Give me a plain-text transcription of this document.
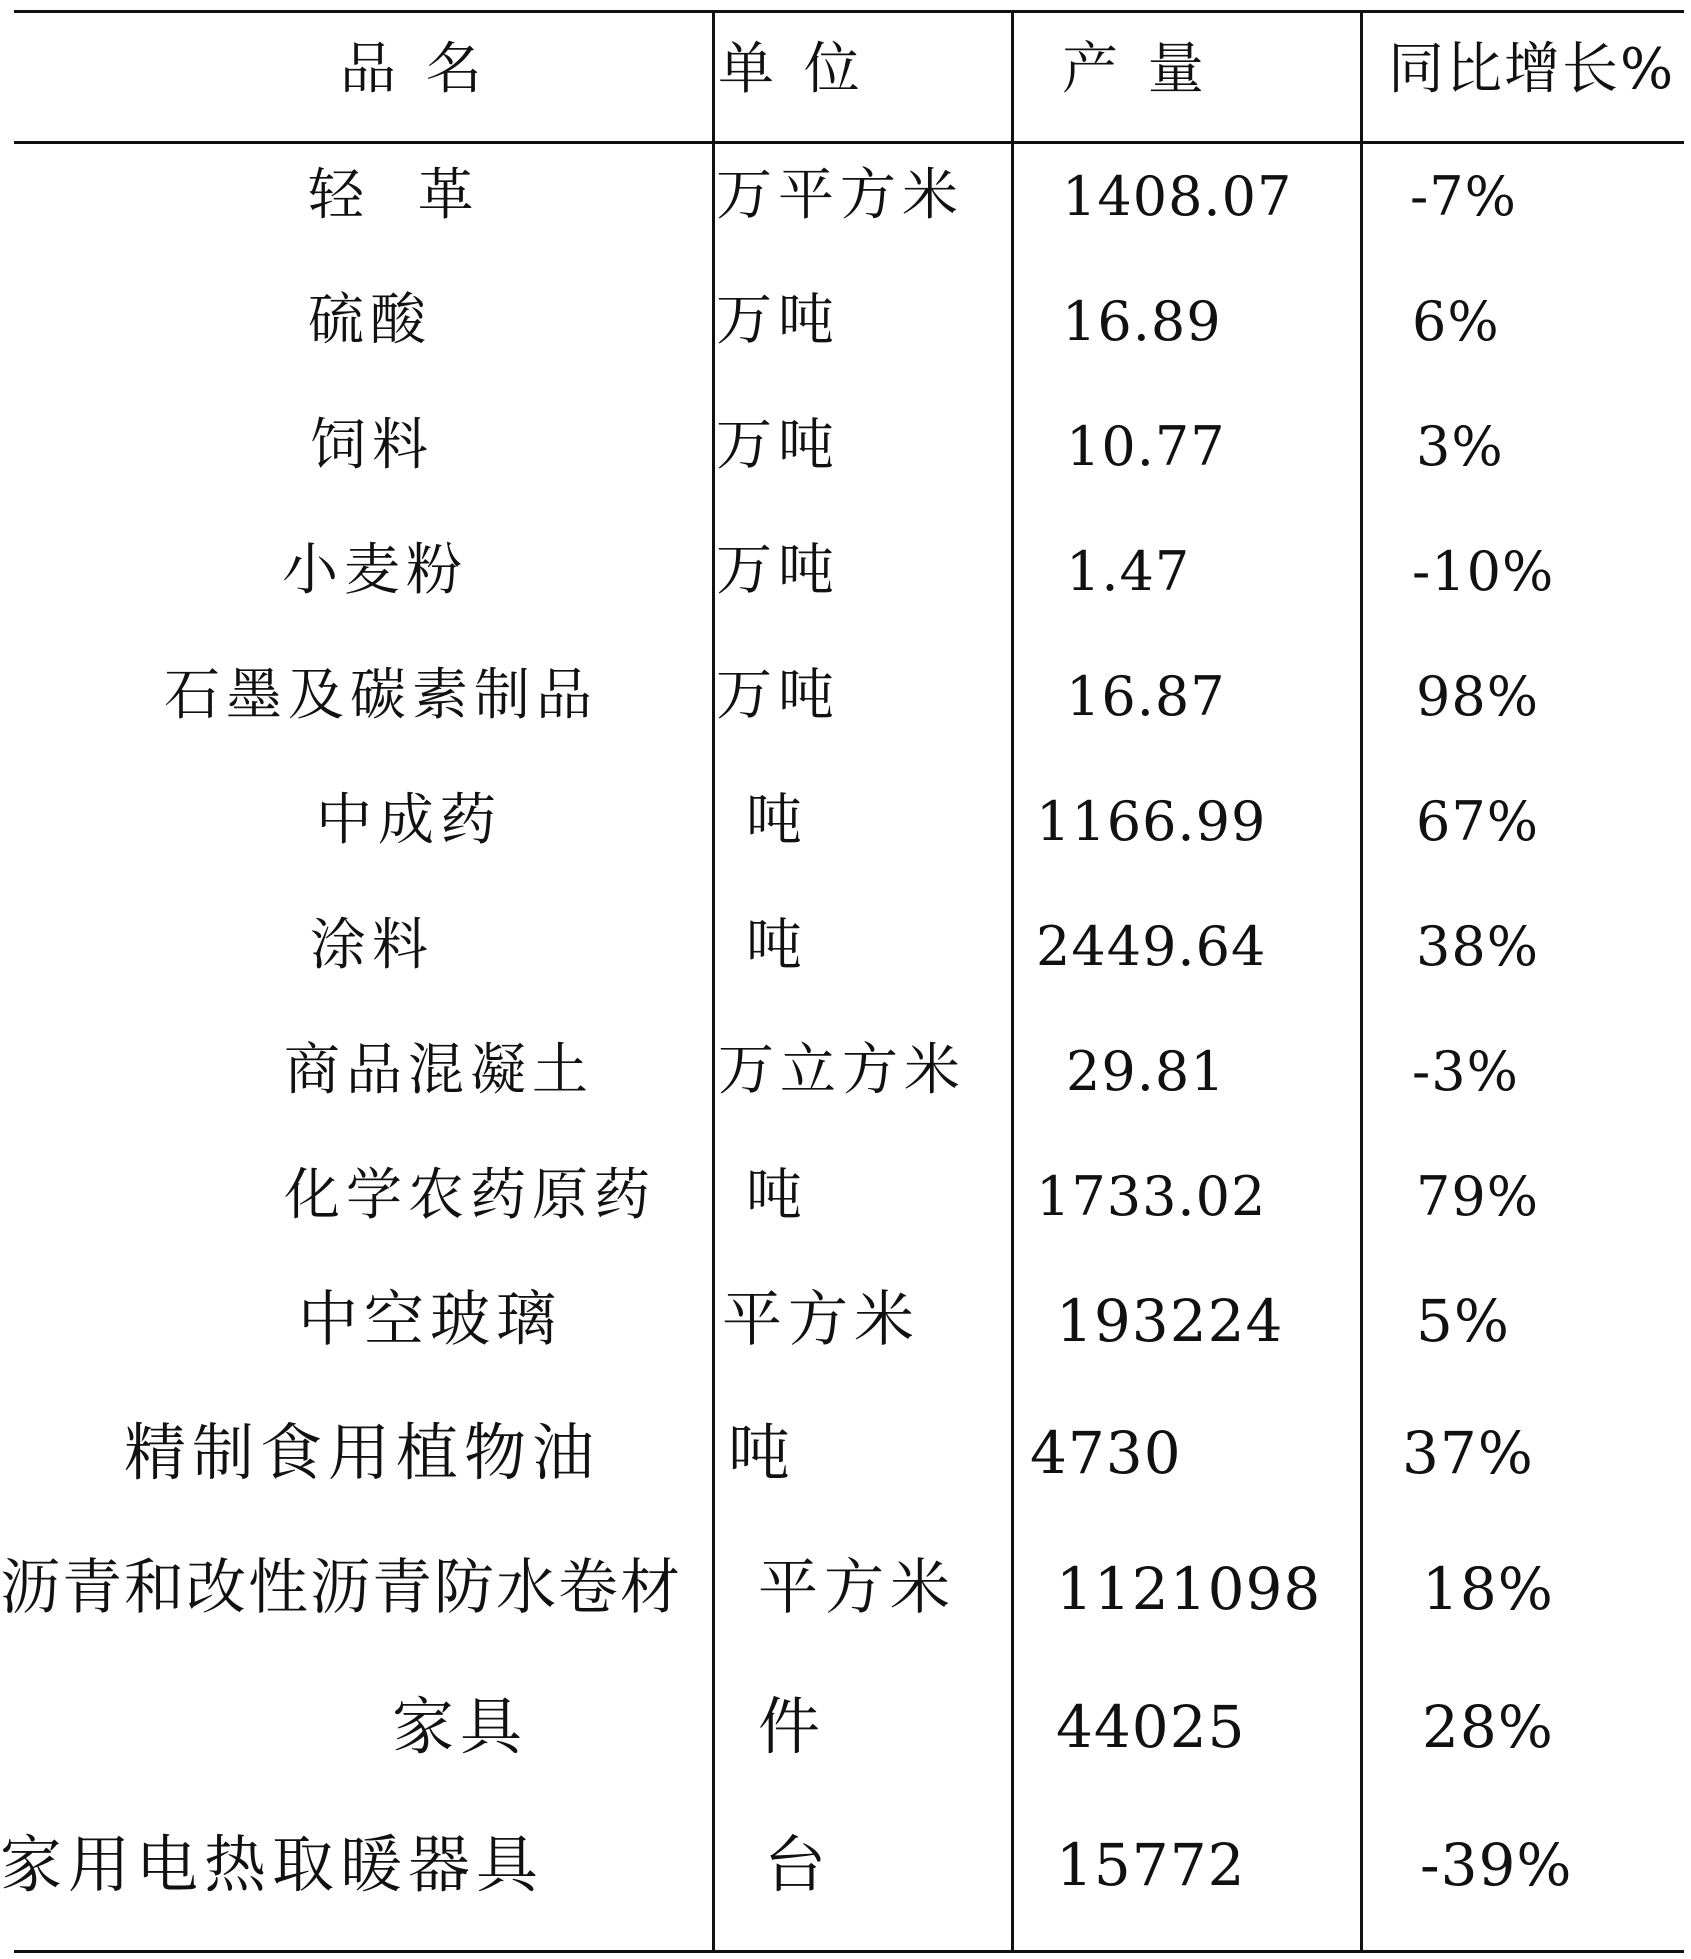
品 名	单 位	产 量	同比增长%
轻  革	万平方米 1408.07 -7%
硫酸	万吨	16.89	6%
饲料	万吨	10.77	3%
小麦粉	万吨	1.47	-10%
石墨及碳素制品 万吨	16.87	98%
中成药	吨	1166.99	67%
涂料	吨	2449.64	38%
商品混凝土 万立方米 29.81	-3%
化学农药原药 吨	1733.02	79%
中空玻璃	平方米 193224 5%
精制食用植物油 吨	4730	37%
沥青和改性沥青防水卷材 平方米 1121098 18%
家具	件	44025	28%
家用电热取暖器具	台	15772	-39%
